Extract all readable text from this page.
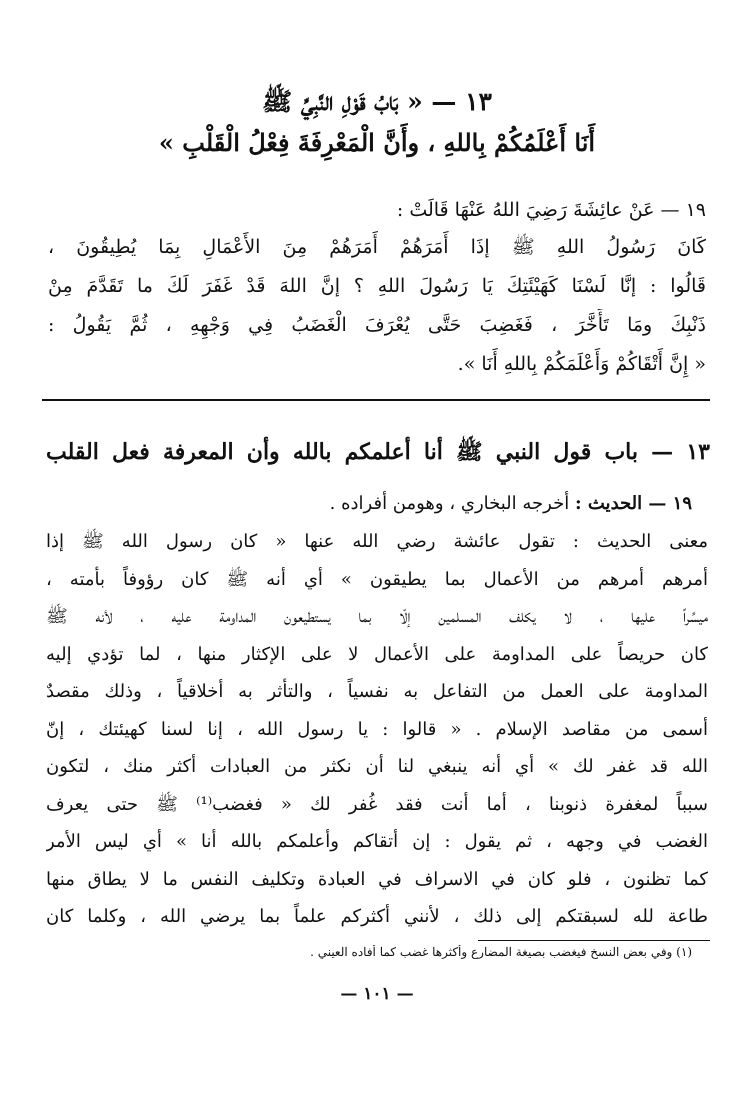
١٣ — « بَابُ قَوْلِ النَّبِيِّ ﷺ
أَنَا أَعْلَمُكُمْ بِاللهِ ، وأَنَّ الْمَعْرِفَةَ فِعْلُ الْقَلْبِ »
١٩ — عَنْ عائِشَةَ رَضِيَ اللهُ عَنْهَا قَالَتْ :
كَانَ رَسُولُ اللهِ ﷺ إذَا أَمَرَهُمْ أَمَرَهُمْ مِنَ الأَعْمَالِ بِمَا يُطِيقُونَ ،
قَالُوا : إنَّا لَسْنَا كَهَيْئَتِكَ يَا رَسُولَ اللهِ ؟ إنَّ اللهَ قَدْ غَفَرَ لَكَ ما تَقَدَّمَ مِنْ
ذَنْبِكَ ومَا تَأَخَّرَ ، فَغَضِبَ حَتَّى يُعْرَفَ الْغَضَبُ فِي وَجْهِهِ ، ثُمَّ يَقُولُ :
« إِنَّ أَتْقَاكُمْ وَأَعْلَمَكُمْ بِاللهِ أَنَا ».
١٣ — باب قول النبي ﷺ أنا أعلمكم بالله وأن المعرفة فعل القلب
١٩ — الحديث : أخرجه البخاري ، وهومن أفراده .
معنى الحديث : تقول عائشة رضي الله عنها « كان رسول الله ﷺ إذا
أمرهم أمرهم من الأعمال بما يطيقون » أي أنه ﷺ كان رؤوفاً بأمته ،
ميسِّراً عليها ، لا يكلف المسلمين إلّا بما يستطيعون المداومة عليه ، لأنه ﷺ
كان حريصاً على المداومة على الأعمال لا على الإكثار منها ، لما تؤدي إليه
المداومة على العمل من التفاعل به نفسياً ، والتأثر به أخلاقياً ، وذلك مقصدٌ
أسمى من مقاصد الإسلام . « قالوا : يا رسول الله ، إنا لسنا كهيئتك ، إنّ
الله قد غفر لك » أي أنه ينبغي لنا أن نكثر من العبادات أكثر منك ، لتكون
سبباً لمغفرة ذنوبنا ، أما أنت فقد غُفر لك « فغضب⁽¹⁾ ﷺ حتى يعرف
الغضب في وجهه ، ثم يقول : إن أتقاكم وأعلمكم بالله أنا » أي ليس الأمر
كما تظنون ، فلو كان في الاسراف في العبادة وتكليف النفس ما لا يطاق منها
طاعة لله لسبقتكم إلى ذلك ، لأنني أكثركم علماً بما يرضي الله ، وكلما كان
(١) وفي بعض النسخ فيغضب بصيغة المضارع وأكثرها غضب كما أفاده العيني .
— ١٠١ —
